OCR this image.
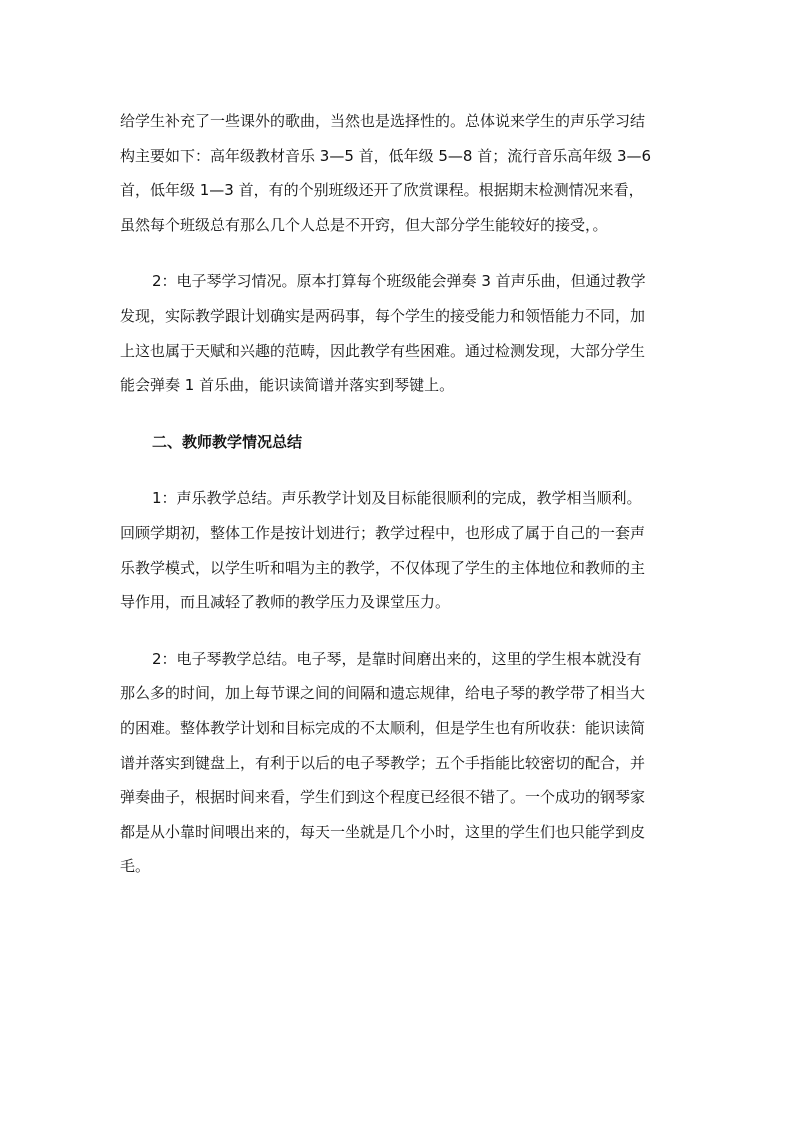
给学生补充了一些课外的歌曲，当然也是选择性的。总体说来学生的声乐学习结
构主要如下：高年级教材音乐 3—5 首，低年级 5—8 首；流行音乐高年级 3—6
首，低年级 1—3 首，有的个别班级还开了欣赏课程。根据期末检测情况来看，
虽然每个班级总有那么几个人总是不开窍，但大部分学生能较好的接受，。
2：电子琴学习情况。原本打算每个班级能会弹奏 3 首声乐曲，但通过教学
发现，实际教学跟计划确实是两码事，每个学生的接受能力和领悟能力不同，加
上这也属于天赋和兴趣的范畴，因此教学有些困难。通过检测发现，大部分学生
能会弹奏 1 首乐曲，能识读简谱并落实到琴键上。
二、教师教学情况总结
1：声乐教学总结。声乐教学计划及目标能很顺利的完成，教学相当顺利。
回顾学期初，整体工作是按计划进行；教学过程中，也形成了属于自己的一套声
乐教学模式，以学生听和唱为主的教学，不仅体现了学生的主体地位和教师的主
导作用，而且减轻了教师的教学压力及课堂压力。
2：电子琴教学总结。电子琴，是靠时间磨出来的，这里的学生根本就没有
那么多的时间，加上每节课之间的间隔和遗忘规律，给电子琴的教学带了相当大
的困难。整体教学计划和目标完成的不太顺利，但是学生也有所收获：能识读简
谱并落实到键盘上，有利于以后的电子琴教学；五个手指能比较密切的配合，并
弹奏曲子，根据时间来看，学生们到这个程度已经很不错了。一个成功的钢琴家
都是从小靠时间喂出来的，每天一坐就是几个小时，这里的学生们也只能学到皮
毛。
